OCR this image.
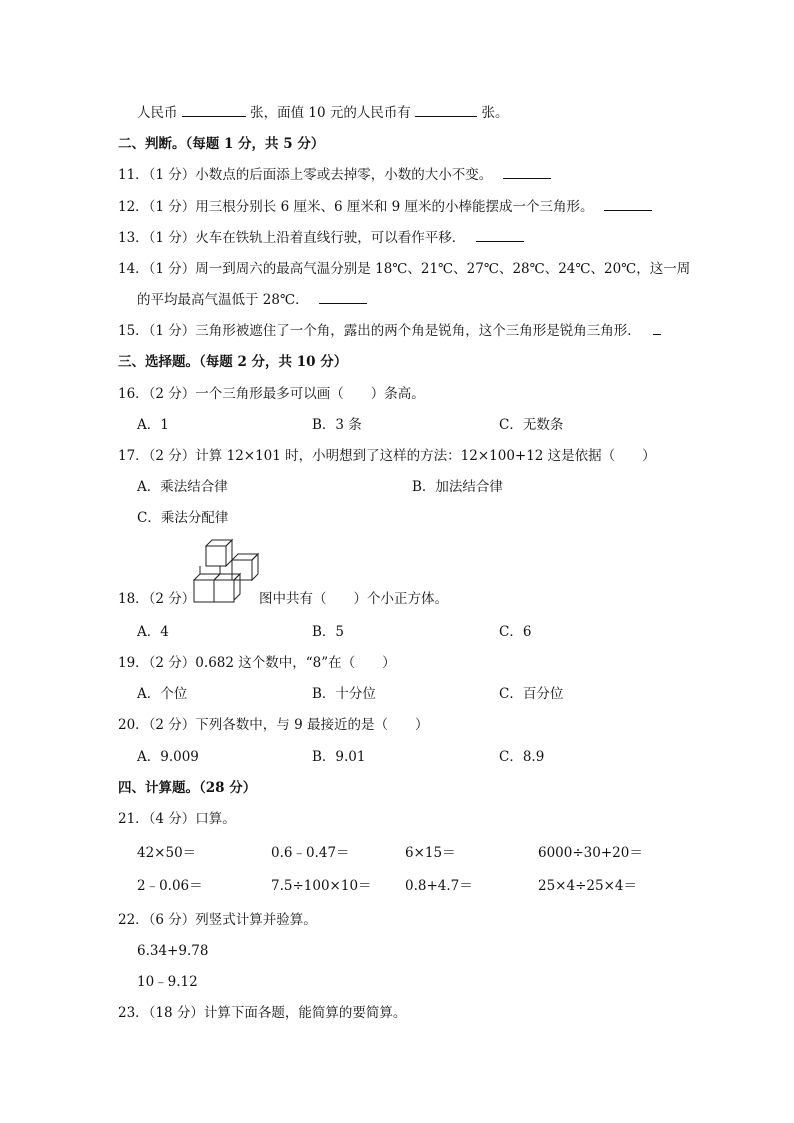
人民币	张，面值 10 元的人民币有	张。
二、判断。（每题 1 分，共 5 分）
11．（1 分）小数点的后面添上零或去掉零，小数的大小不变。
12．（1 分）用三根分别长 6 厘米、6 厘米和 9 厘米的小棒能摆成一个三角形。
13．（1 分）火车在铁轨上沿着直线行驶，可以看作平移．
14．（1 分）周一到周六的最高气温分别是 18℃、21℃、27℃、28℃、24℃、20℃，这一周
的平均最高气温低于 28℃．
15．（1 分）三角形被遮住了一个角，露出的两个角是锐角，这个三角形是锐角三角形．
三、选择题。（每题 2 分，共 10 分）
16．（2 分）一个三角形最多可以画（　　）条高。
A．1	B．3 条	C．无数条
17．（2 分）计算 12×101 时，小明想到了这样的方法：12×100+12 这是依据（　　）
A．乘法结合律	B．加法结合律
C．乘法分配律
18．（2 分）	图中共有（　　）个小正方体。
A．4	B．5	C．6
19．（2 分）0.682 这个数中，“8”在（　　）
A．个位	B．十分位	C．百分位
20．（2 分）下列各数中，与 9 最接近的是（　　）
A．9.009	B．9.01	C．8.9
四、计算题。（28 分）
21．（4 分）口算。
42×50＝	0.6﹣0.47＝	6×15＝	6000÷30+20＝
2﹣0.06＝	7.5÷100×10＝ 0.8+4.7＝	25×4÷25×4＝
22．（6 分）列竖式计算并验算。
6.34+9.78
10﹣9.12
23．（18 分）计算下面各题，能简算的要简算。
